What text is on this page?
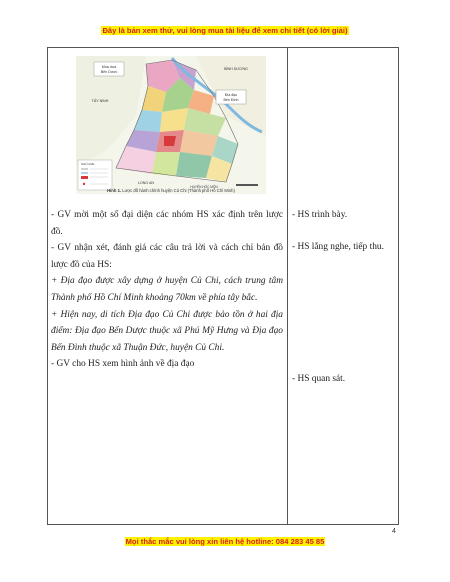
Đây là bản xem thử, vui lòng mua tài liệu để xem chi tiết (có lời giải)
Mua dưa
Bến Dược
Địa đạo
Bến Đình
BÌNH DƯƠNG
TÂY NINH
LONG AN
HUYỆN HÓC MÔN
CHÚ GIẢI
Hình 1. Lược đồ hành chính huyện Củ Chi (Thành phố Hồ Chí Minh)

- GV mời một số đại diện các nhóm HS xác định trên lược đồ.

- GV nhận xét, đánh giá các câu trả lời và cách chỉ bản đồ lược đồ của HS:

+ Địa đạo được xây dựng ở huyện Củ Chi, cách trung tâm Thành phố Hồ Chí Minh khoảng 70km về phía tây bắc.

+ Hiện nay, di tích Địa đạo Củ Chi được bảo tồn ở hai địa điểm: Địa đạo Bến Dược thuộc xã Phú Mỹ Hưng và Địa đạo Bến Đình thuộc xã Thuận Đức, huyện Củ Chi.

- GV cho HS xem hình ảnh về địa đạo

- HS trình bày.
- HS lắng nghe, tiếp thu.
- HS quan sát.
4
Mọi thắc mắc vui lòng xin liên hệ hotline: 084 283 45 85
